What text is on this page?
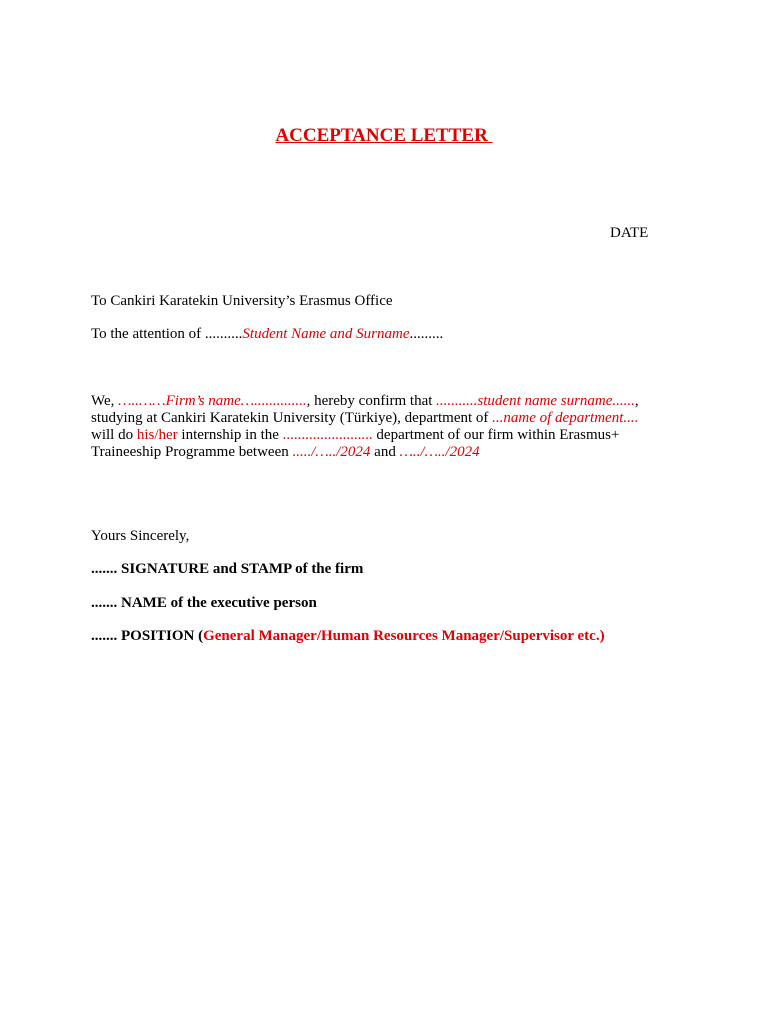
ACCEPTANCE LETTER
DATE
To Cankiri Karatekin University’s Erasmus Office
To the attention of ..........Student Name and Surname.........
We, …..……Firm’s name….............., hereby confirm that ...........student name surname......,
studying at Cankiri Karatekin University (Türkiye), department of ...name of department....
will do his/her internship in the ........................ department of our firm within Erasmus+
Traineeship Programme between ...../…../2024 and …../…../2024
Yours Sincerely,
....... SIGNATURE and STAMP of the firm
....... NAME of the executive person
....... POSITION (General Manager/Human Resources Manager/Supervisor etc.)
